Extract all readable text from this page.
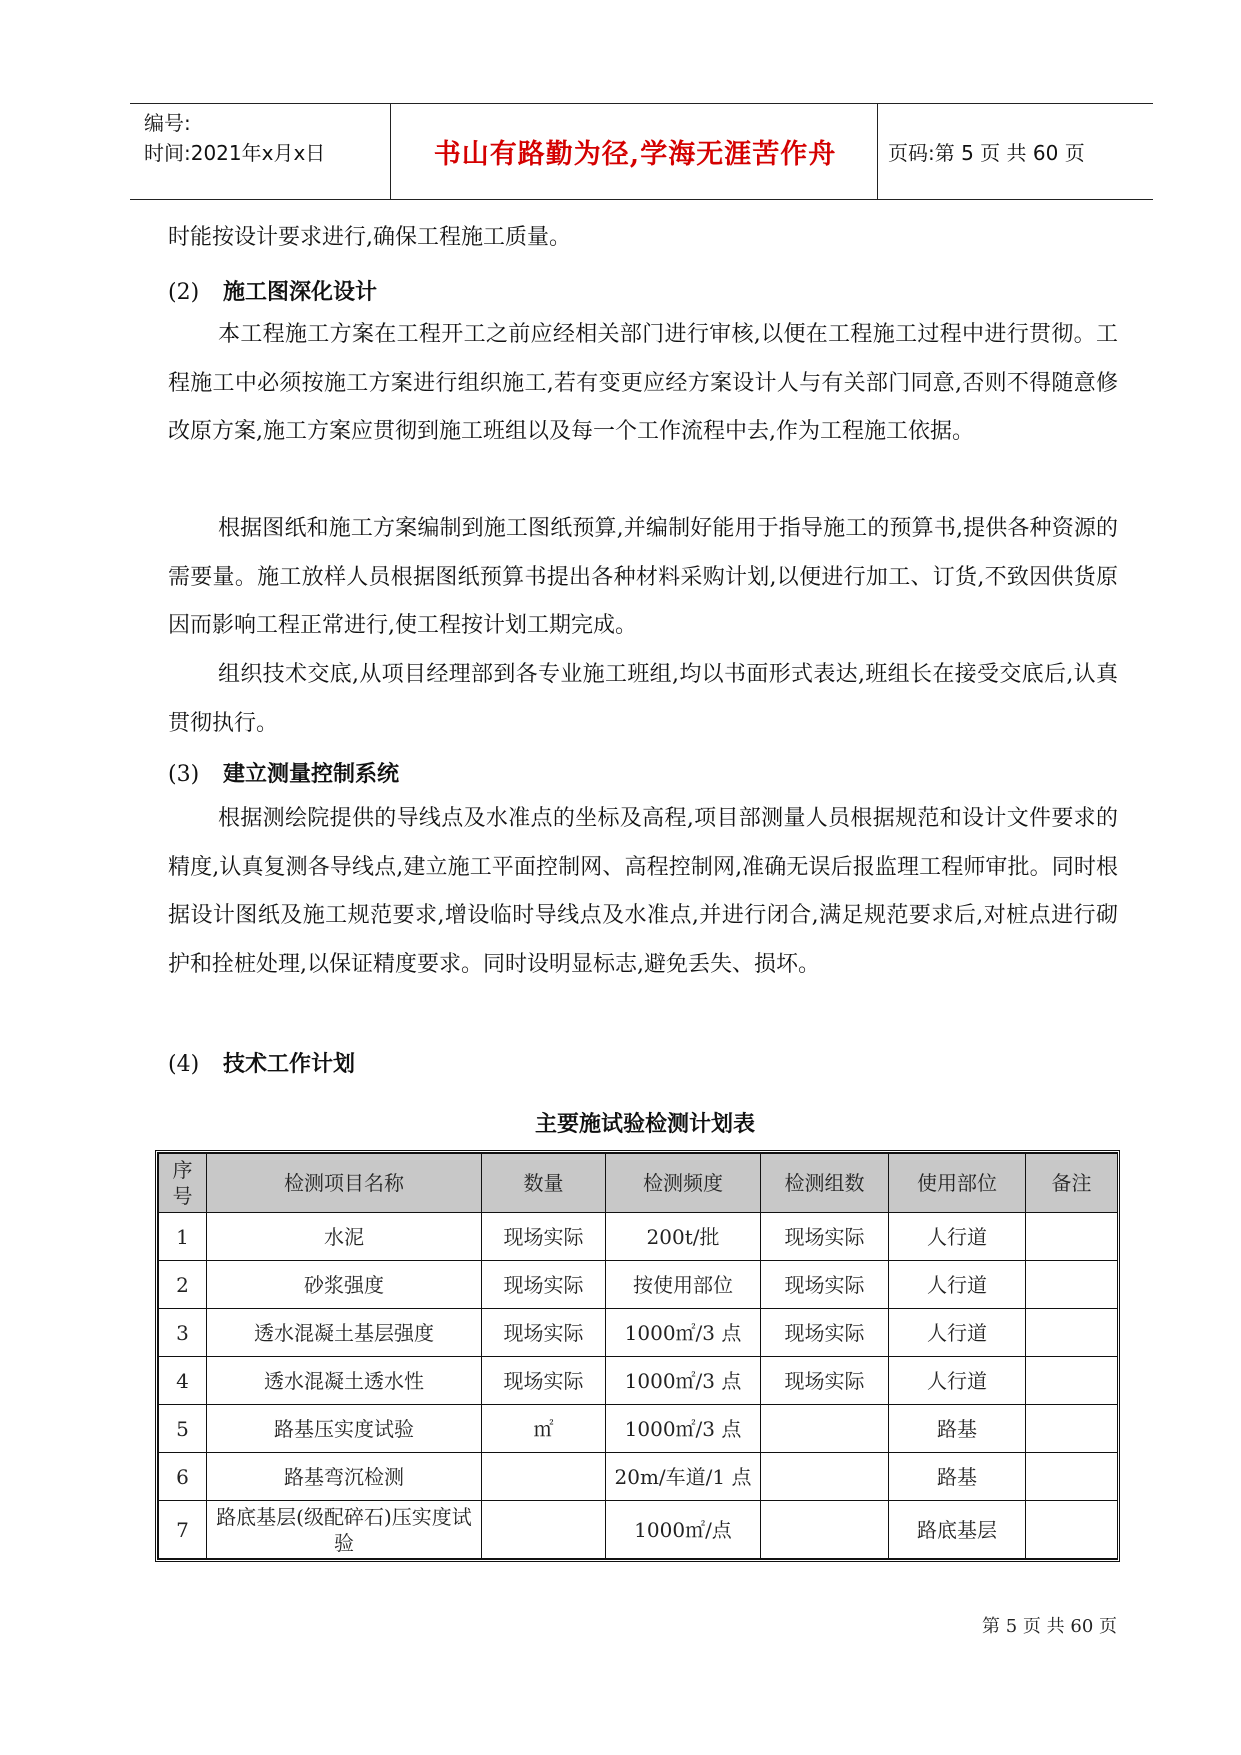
编号:
时间:2021年x月x日	书山有路勤为径,学海无涯苦作舟	页码:第 5 页 共 60 页
时能按设计要求进行,确保工程施工质量。
(2) 施工图深化设计
本工程施工方案在工程开工之前应经相关部门进行审核,以便在工程施工过程中进行贯彻。工程施工中必须按施工方案进行组织施工,若有变更应经方案设计人与有关部门同意,否则不得随意修改原方案,施工方案应贯彻到施工班组以及每一个工作流程中去,作为工程施工依据。
根据图纸和施工方案编制到施工图纸预算,并编制好能用于指导施工的预算书,提供各种资源的需要量。施工放样人员根据图纸预算书提出各种材料采购计划,以便进行加工、订货,不致因供货原因而影响工程正常进行,使工程按计划工期完成。
组织技术交底,从项目经理部到各专业施工班组,均以书面形式表达,班组长在接受交底后,认真贯彻执行。
(3) 建立测量控制系统
根据测绘院提供的导线点及水准点的坐标及高程,项目部测量人员根据规范和设计文件要求的精度,认真复测各导线点,建立施工平面控制网、高程控制网,准确无误后报监理工程师审批。同时根据设计图纸及施工规范要求,增设临时导线点及水准点,并进行闭合,满足规范要求后,对桩点进行砌护和拴桩处理,以保证精度要求。同时设明显标志,避免丢失、损坏。
(4) 技术工作计划
主要施试验检测计划表
序号	检测项目名称	数量	检测频度	检测组数	使用部位	备注
1	水泥	现场实际	200t/批	现场实际	人行道	
2	砂浆强度	现场实际	按使用部位	现场实际	人行道	
3	透水混凝土基层强度	现场实际	1000㎡/3 点	现场实际	人行道	
4	透水混凝土透水性	现场实际	1000㎡/3 点	现场实际	人行道	
5	路基压实度试验	㎡	1000㎡/3 点		路基	
6	路基弯沉检测		20m/车道/1 点		路基	
7	路底基层(级配碎石)压实度试验		1000㎡/点		路底基层	
第 5 页 共 60 页
